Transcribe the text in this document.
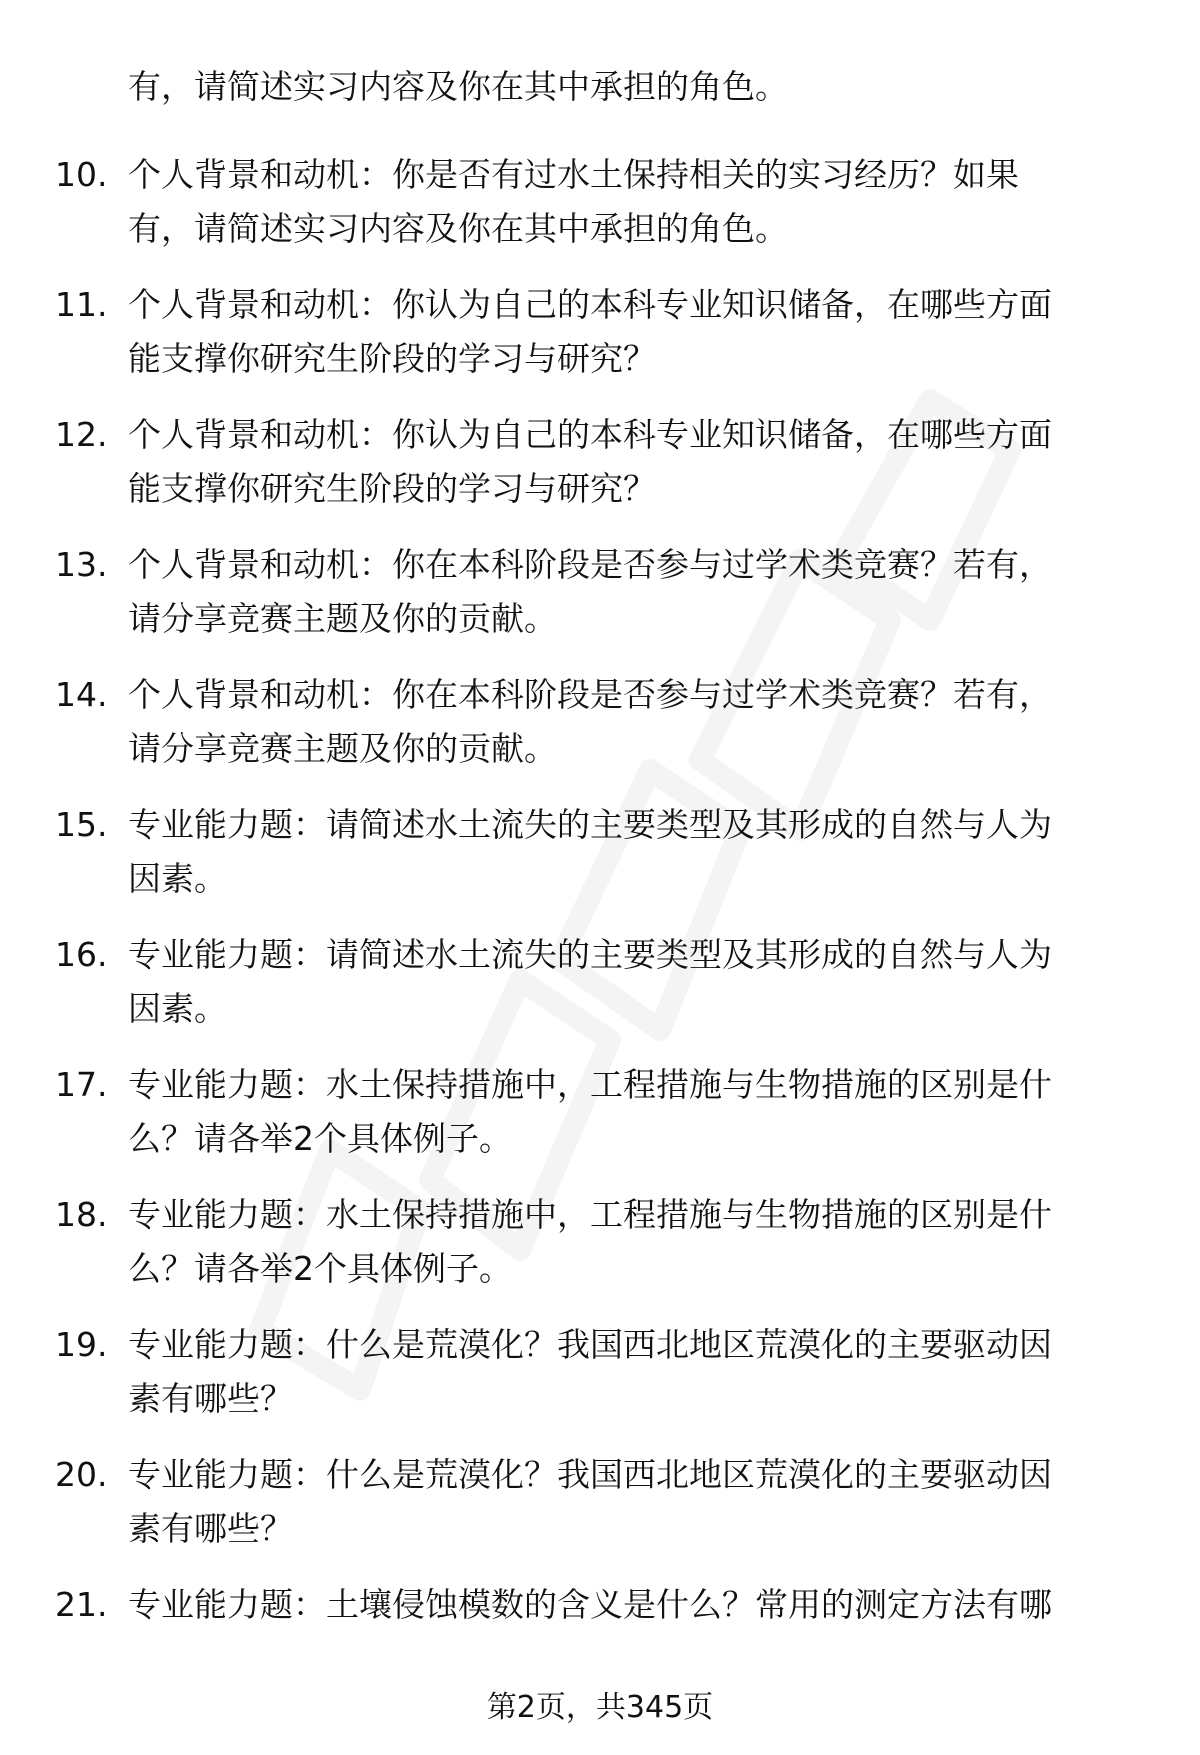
有，请简述实习内容及你在其中承担的角色。
10. 个人背景和动机：你是否有过水土保持相关的实习经历？如果
有，请简述实习内容及你在其中承担的角色。
11. 个人背景和动机：你认为自己的本科专业知识储备，在哪些方面
能支撑你研究生阶段的学习与研究？
12. 个人背景和动机：你认为自己的本科专业知识储备，在哪些方面
能支撑你研究生阶段的学习与研究？
13. 个人背景和动机：你在本科阶段是否参与过学术类竞赛？若有，
请分享竞赛主题及你的贡献。
14. 个人背景和动机：你在本科阶段是否参与过学术类竞赛？若有，
请分享竞赛主题及你的贡献。
15. 专业能力题：请简述水土流失的主要类型及其形成的自然与人为
因素。
16. 专业能力题：请简述水土流失的主要类型及其形成的自然与人为
因素。
17. 专业能力题：水土保持措施中，工程措施与生物措施的区别是什
么？请各举2个具体例子。
18. 专业能力题：水土保持措施中，工程措施与生物措施的区别是什
么？请各举2个具体例子。
19. 专业能力题：什么是荒漠化？我国西北地区荒漠化的主要驱动因
素有哪些？
20. 专业能力题：什么是荒漠化？我国西北地区荒漠化的主要驱动因
素有哪些？
21. 专业能力题：土壤侵蚀模数的含义是什么？常用的测定方法有哪
第2页，共345页
